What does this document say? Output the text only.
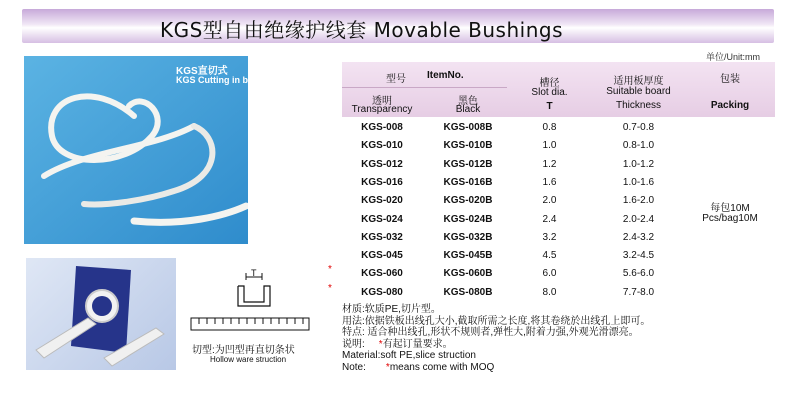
KGS型自由绝缘护线套 Movable Bushings
KGS直切式
KGS Cutting in bar
T
切型:为凹型再直切条状
Hollow ware struction
单位/Unit:mm
型号 ItemNo.
透明
Transparency
黑色
Black
槽径
Slot dia.
T
适用板厚度
Suitable board
Thickness
包装
Packing
KGS-008	KGS-008B	0.8	0.7-0.8
KGS-010	KGS-010B	1.0	0.8-1.0
KGS-012	KGS-012B	1.2	1.0-1.2
KGS-016	KGS-016B	1.6	1.0-1.6
KGS-020	KGS-020B	2.0	1.6-2.0
KGS-024	KGS-024B	2.4	2.0-2.4
KGS-032	KGS-032B	3.2	2.4-3.2
KGS-045	KGS-045B	4.5	3.2-4.5
KGS-060	KGS-060B	6.0	5.6-6.0
*
KGS-080	KGS-080B	8.0	7.7-8.0
*
每包10M
Pcs/bag10M
材质:软质PE,切片型。
用法:依据铁板出线孔大小,截取所需之长度,将其卷绕於出线孔上即可。
特点: 适合种出线孔,形状不规则者,弹性大,附着力强,外观光滑漂亮。
说明: *有起订量要求。
Material:soft PE,slice struction
Note: *means come with MOQ
